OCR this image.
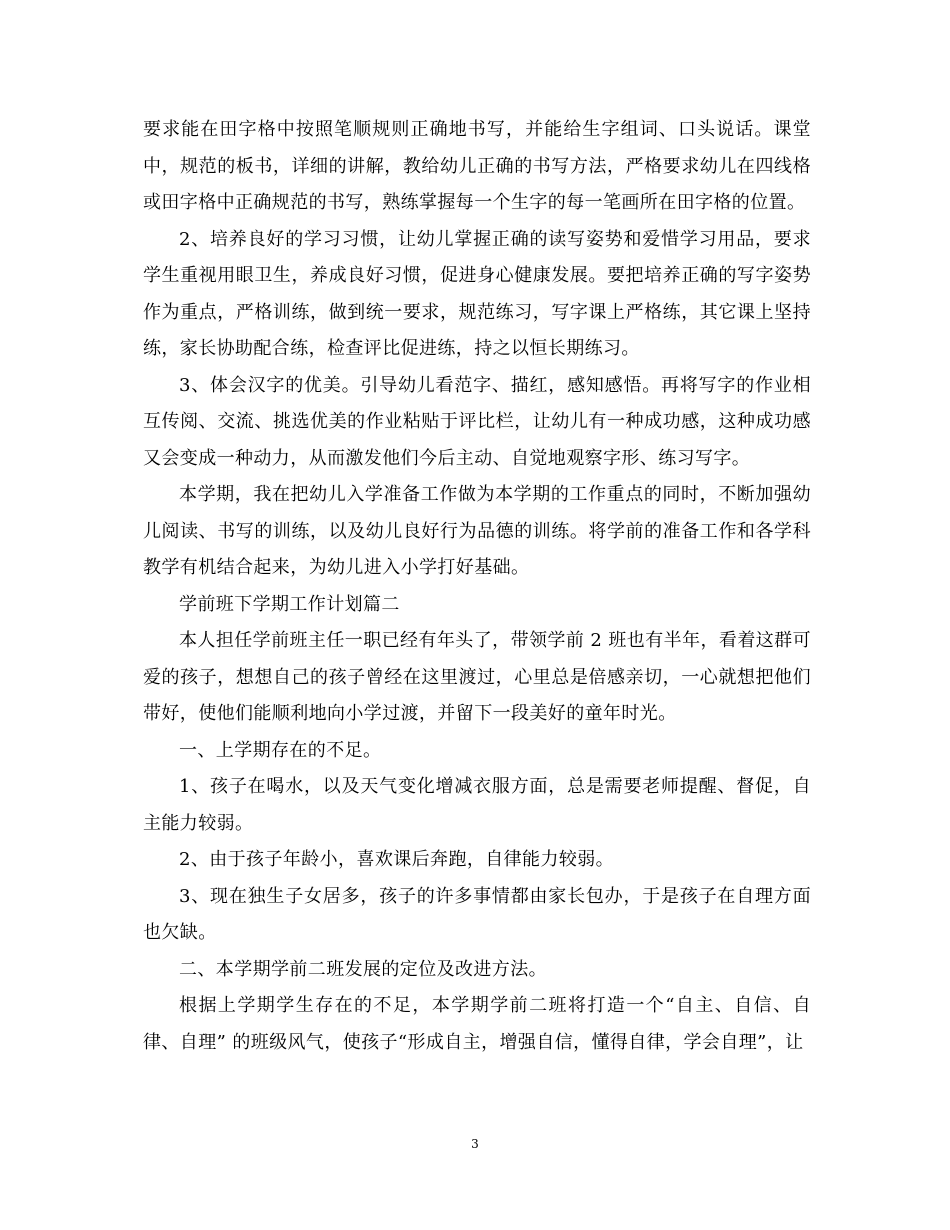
要求能在田字格中按照笔顺规则正确地书写，并能给生字组词、口头说话。课堂中，规范的板书，详细的讲解，教给幼儿正确的书写方法，严格要求幼儿在四线格或田字格中正确规范的书写，熟练掌握每一个生字的每一笔画所在田字格的位置。

2、培养良好的学习习惯，让幼儿掌握正确的读写姿势和爱惜学习用品，要求学生重视用眼卫生，养成良好习惯，促进身心健康发展。要把培养正确的写字姿势作为重点，严格训练，做到统一要求，规范练习，写字课上严格练，其它课上坚持练，家长协助配合练，检查评比促进练，持之以恒长期练习。

3、体会汉字的优美。引导幼儿看范字、描红，感知感悟。再将写字的作业相互传阅、交流、挑选优美的作业粘贴于评比栏，让幼儿有一种成功感，这种成功感又会变成一种动力，从而激发他们今后主动、自觉地观察字形、练习写字。

本学期，我在把幼儿入学准备工作做为本学期的工作重点的同时，不断加强幼儿阅读、书写的训练，以及幼儿良好行为品德的训练。将学前的准备工作和各学科教学有机结合起来，为幼儿进入小学打好基础。

学前班下学期工作计划篇二

本人担任学前班主任一职已经有年头了，带领学前 2 班也有半年，看着这群可爱的孩子，想想自己的孩子曾经在这里渡过，心里总是倍感亲切，一心就想把他们带好，使他们能顺利地向小学过渡，并留下一段美好的童年时光。

一、上学期存在的不足。

1、孩子在喝水，以及天气变化增减衣服方面，总是需要老师提醒、督促，自主能力较弱。

2、由于孩子年龄小，喜欢课后奔跑，自律能力较弱。

3、现在独生子女居多，孩子的许多事情都由家长包办，于是孩子在自理方面也欠缺。

二、本学期学前二班发展的定位及改进方法。

根据上学期学生存在的不足，本学期学前二班将打造一个“自主、自信、自律、自理” 的班级风气，使孩子“形成自主，增强自信，懂得自律，学会自理”，让

3
